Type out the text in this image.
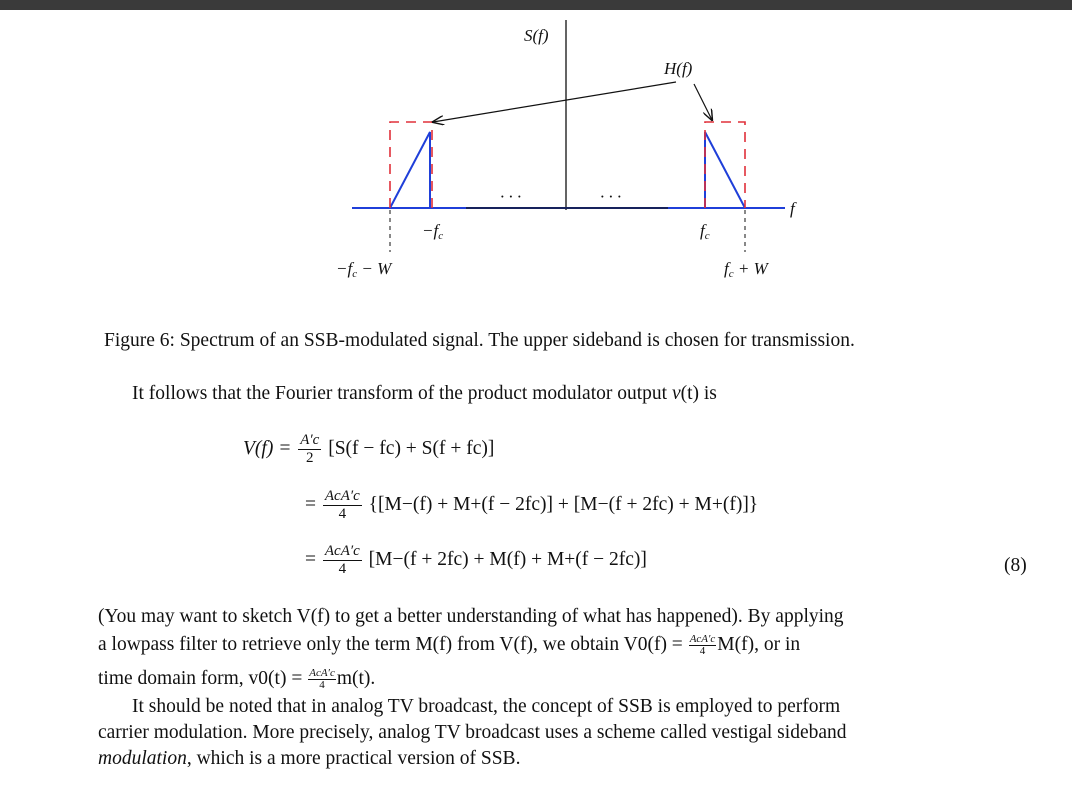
S(f)
H(f)
f
· · ·	· · ·
−fc	fc
−fc − W	fc + W
Figure 6: Spectrum of an SSB-modulated signal. The upper sideband is chosen for transmission.
It follows that the Fourier transform of the product modulator output v(t) is
$V(f) = \frac{A'c}{2} [S(f - fc) + S(f + fc)]$
= $\frac{\text{AcA′c}}{4} \{[M-(f) + M+(f - 2fc)] + [M-(f + 2fc) + M+(f)]\}$
= $\frac{\text{AcA′c}}{4} [M-(f + 2fc) + M(f) + M+(f - 2fc)]$	(8)
(You may want to sketch V(f) to get a better understanding of what has happened). By applying
a lowpass filter to retrieve only the term M(f) from V(f), we obtain $V0(f) = \frac{\text{AcA′c}}{4} M(f)$, or in
time domain form, $v0(t) = \frac{\text{AcA′c}}{4} m(t)$.
It should be noted that in analog TV broadcast, the concept of SSB is employed to perform
carrier modulation. More precisely, analog TV broadcast uses a scheme called vestigal sideband
modulation, which is a more practical version of SSB.
